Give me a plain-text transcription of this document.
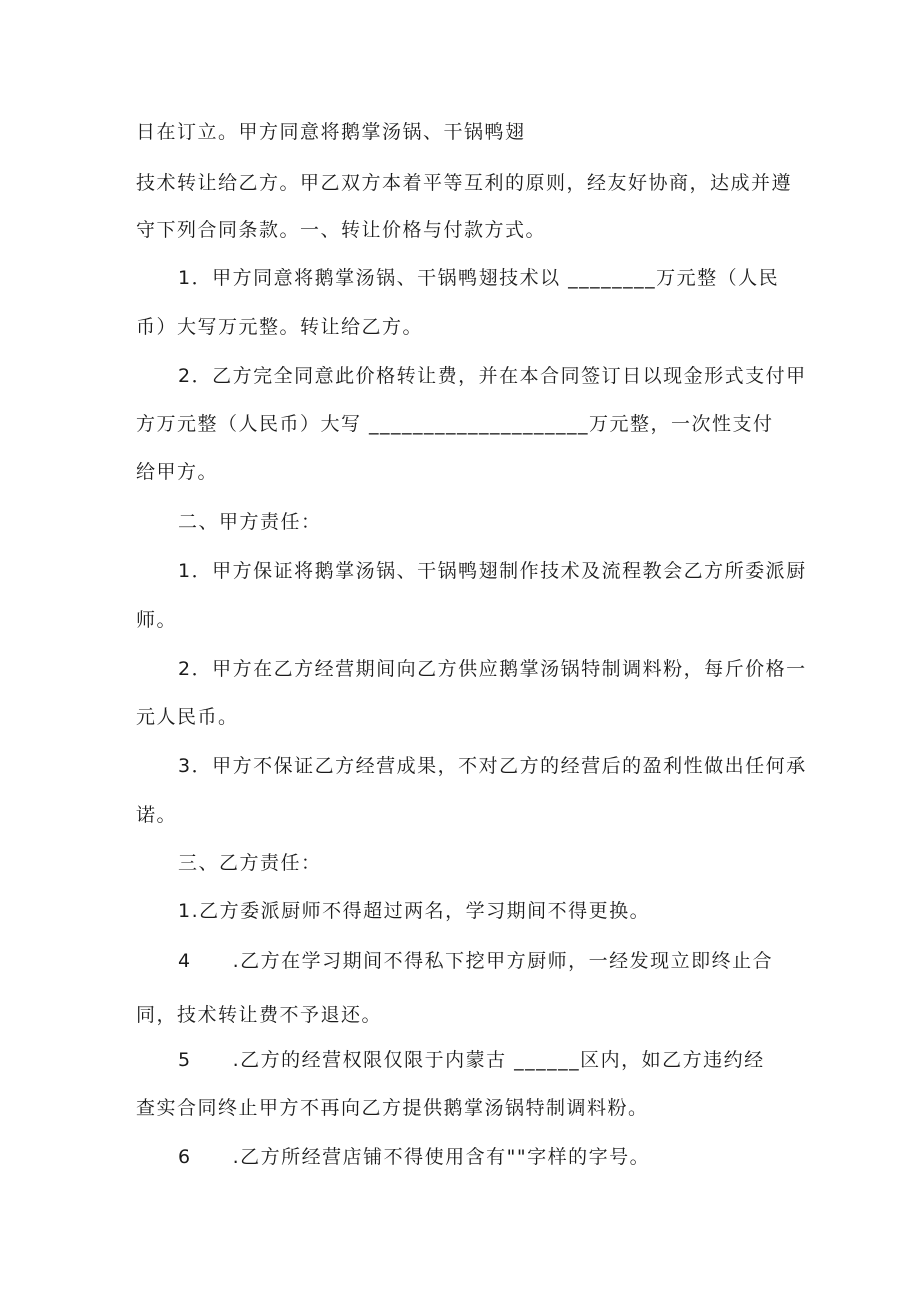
日在订立。甲方同意将鹅掌汤锅、干锅鸭翅
技术转让给乙方。甲乙双方本着平等互利的原则，经友好协商，达成并遵
守下列合同条款。一、转让价格与付款方式。
1．甲方同意将鹅掌汤锅、干锅鸭翅技术以 ________万元整（人民
币）大写万元整。转让给乙方。
2．乙方完全同意此价格转让费，并在本合同签订日以现金形式支付甲
方万元整（人民币）大写 ____________________万元整，一次性支付
给甲方。
二、甲方责任：
1．甲方保证将鹅掌汤锅、干锅鸭翅制作技术及流程教会乙方所委派厨
师。
2．甲方在乙方经营期间向乙方供应鹅掌汤锅特制调料粉，每斤价格一
元人民币。
3．甲方不保证乙方经营成果，不对乙方的经营后的盈利性做出任何承
诺。
三、乙方责任：
1.乙方委派厨师不得超过两名，学习期间不得更换。
4　　.乙方在学习期间不得私下挖甲方厨师，一经发现立即终止合
同，技术转让费不予退还。
5　　.乙方的经营权限仅限于内蒙古 ______区内，如乙方违约经
查实合同终止甲方不再向乙方提供鹅掌汤锅特制调料粉。
6　　.乙方所经营店铺不得使用含有""字样的字号。
